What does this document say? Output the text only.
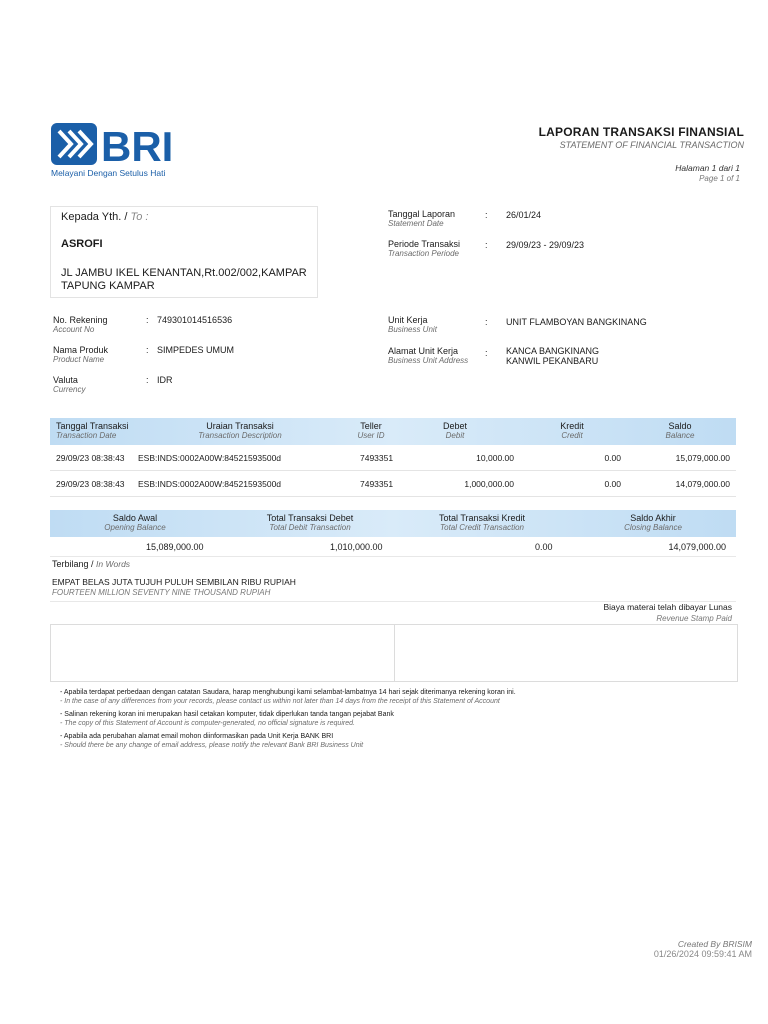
BRI
Melayani Dengan Setulus Hati
LAPORAN TRANSAKSI FINANSIAL
STATEMENT OF FINANCIAL TRANSACTION
Halaman 1 dari 1
Page 1 of 1
Kepada Yth. / To :
ASROFI
JL JAMBU IKEL KENANTAN,Rt.002/002,KAMPAR TAPUNG KAMPAR
Tanggal Laporan
Statement Date
: 26/01/24
Periode Transaksi
Transaction Periode
: 29/09/23 - 29/09/23
No. Rekening
Account No
: 749301014516536
Nama Produk
Product Name
: SIMPEDES UMUM
Valuta
Currency
: IDR
Unit Kerja
Business Unit
: UNIT FLAMBOYAN BANGKINANG
Alamat Unit Kerja
Business Unit Address
: KANCA BANGKINANG
KANWIL PEKANBARU
Tanggal Transaksi
Transaction Date
Uraian Transaksi
Transaction Description
Teller
User ID
Debet
Debit
Kredit
Credit
Saldo
Balance
29/09/23 08:38:43 ESB:INDS:0002A00W:84521593500d	7493351	10,000.00	0.00	15,079,000.00
29/09/23 08:38:43 ESB:INDS:0002A00W:84521593500d	7493351	1,000,000.00	0.00	14,079,000.00
Saldo Awal
Opening Balance
Total Transaksi Debet
Total Debit Transaction
Total Transaksi Kredit
Total Credit Transaction
Saldo Akhir
Closing Balance
15,089,000.00	1,010,000.00	0.00	14,079,000.00
Terbilang / In Words
EMPAT BELAS JUTA TUJUH PULUH SEMBILAN RIBU RUPIAH
FOURTEEN MILLION SEVENTY NINE THOUSAND RUPIAH
Biaya materai telah dibayar Lunas
Revenue Stamp Paid
- Apabila terdapat perbedaan dengan catatan Saudara, harap menghubungi kami selambat-lambatnya 14 hari sejak diterimanya rekening koran ini.
- In the case of any differences from your records, please contact us within not later than 14 days from the receipt of this Statement of Account
- Salinan rekening koran ini merupakan hasil cetakan komputer, tidak diperlukan tanda tangan pejabat Bank
- The copy of this Statement of Account is computer-generated, no official signature is required.
- Apabila ada perubahan alamat email mohon diinformasikan pada Unit Kerja BANK BRI
- Should there be any change of email address, please notify the relevant Bank BRI Business Unit
Created By BRISIM
01/26/2024 09:59:41 AM
